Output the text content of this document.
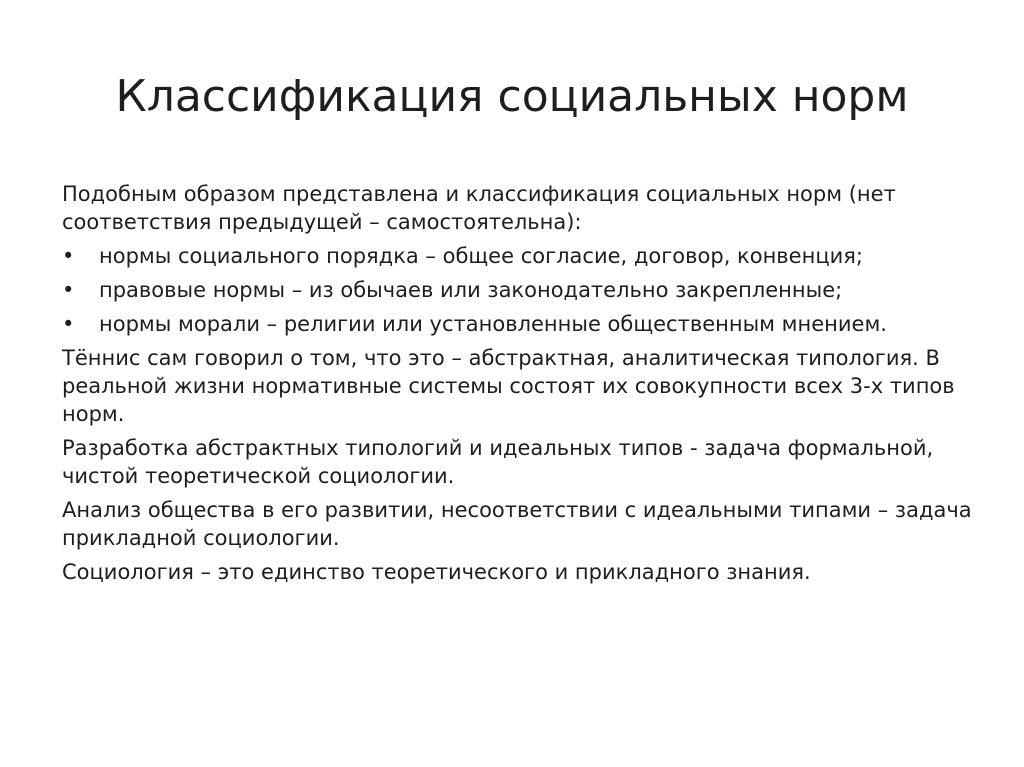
Классификация социальных норм

Подобным образом представлена и классификация социальных норм (нет соответствия предыдущей – самостоятельна):

•	нормы социального порядка – общее согласие, договор, конвенция;
•	правовые нормы – из обычаев или законодательно закрепленные;
•	нормы морали – религии или установленные общественным мнением.

Тённис сам говорил о том, что это – абстрактная, аналитическая типология. В реальной жизни нормативные системы состоят их совокупности всех 3-х типов норм.

Разработка абстрактных типологий и идеальных типов - задача формальной, чистой теоретической социологии.

Анализ общества в его развитии, несоответствии с идеальными типами – задача прикладной социологии.

Социология – это единство теоретического и прикладного знания.
